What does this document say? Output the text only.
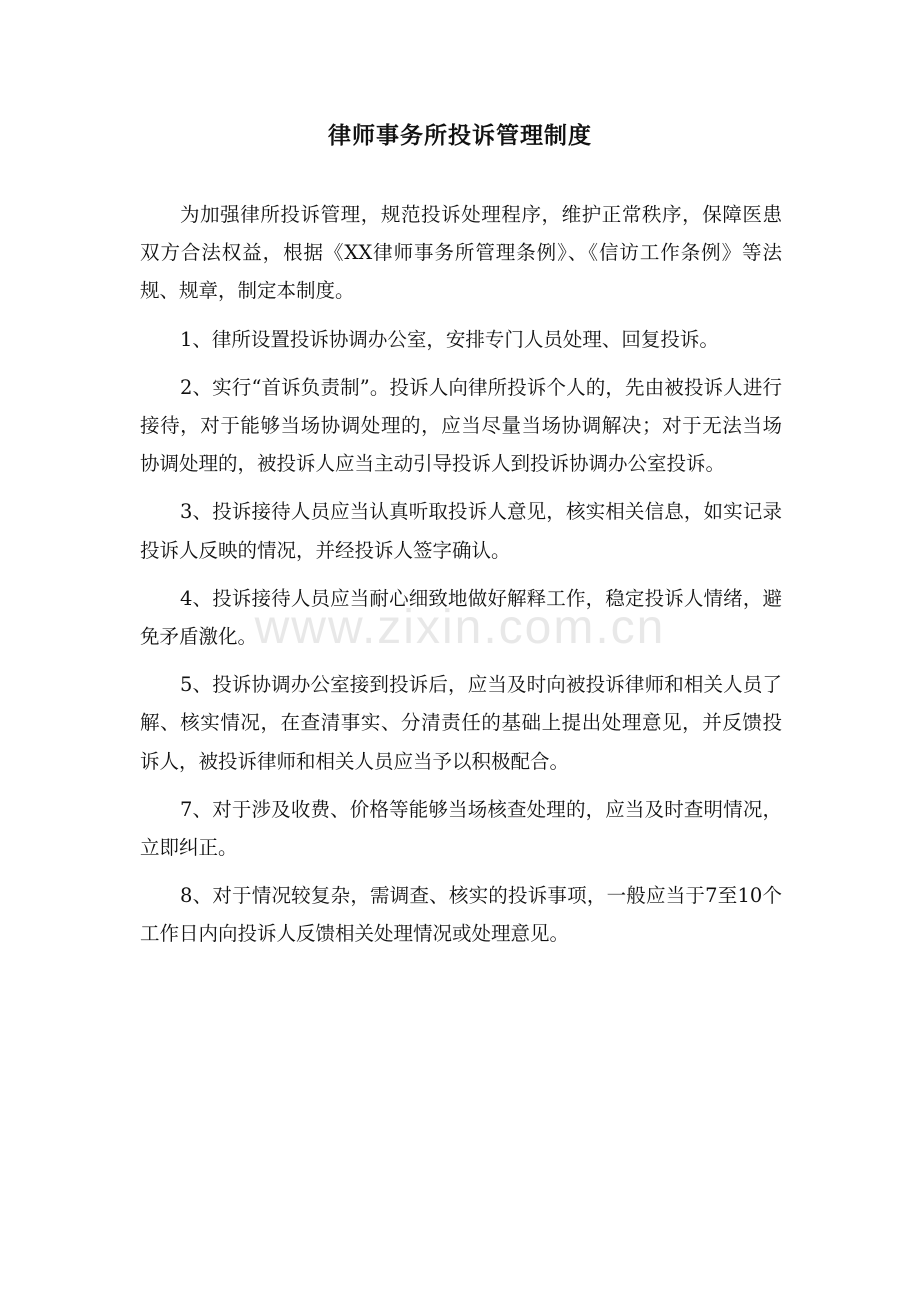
律师事务所投诉管理制度

为加强律所投诉管理，规范投诉处理程序，维护正常秩序，保障医患双方合法权益，根据《XX律师事务所管理条例》、《信访工作条例》等法规、规章，制定本制度。

1、律所设置投诉协调办公室，安排专门人员处理、回复投诉。

2、实行“首诉负责制”。投诉人向律所投诉个人的，先由被投诉人进行接待，对于能够当场协调处理的，应当尽量当场协调解决；对于无法当场协调处理的，被投诉人应当主动引导投诉人到投诉协调办公室投诉。

3、投诉接待人员应当认真听取投诉人意见，核实相关信息，如实记录投诉人反映的情况，并经投诉人签字确认。

4、投诉接待人员应当耐心细致地做好解释工作，稳定投诉人情绪，避免矛盾激化。

5、投诉协调办公室接到投诉后，应当及时向被投诉律师和相关人员了解、核实情况，在查清事实、分清责任的基础上提出处理意见，并反馈投诉人，被投诉律师和相关人员应当予以积极配合。

7、对于涉及收费、价格等能够当场核查处理的，应当及时查明情况，立即纠正。

8、对于情况较复杂，需调查、核实的投诉事项，一般应当于7至10个工作日内向投诉人反馈相关处理情况或处理意见。

www.zixin.com.cn
